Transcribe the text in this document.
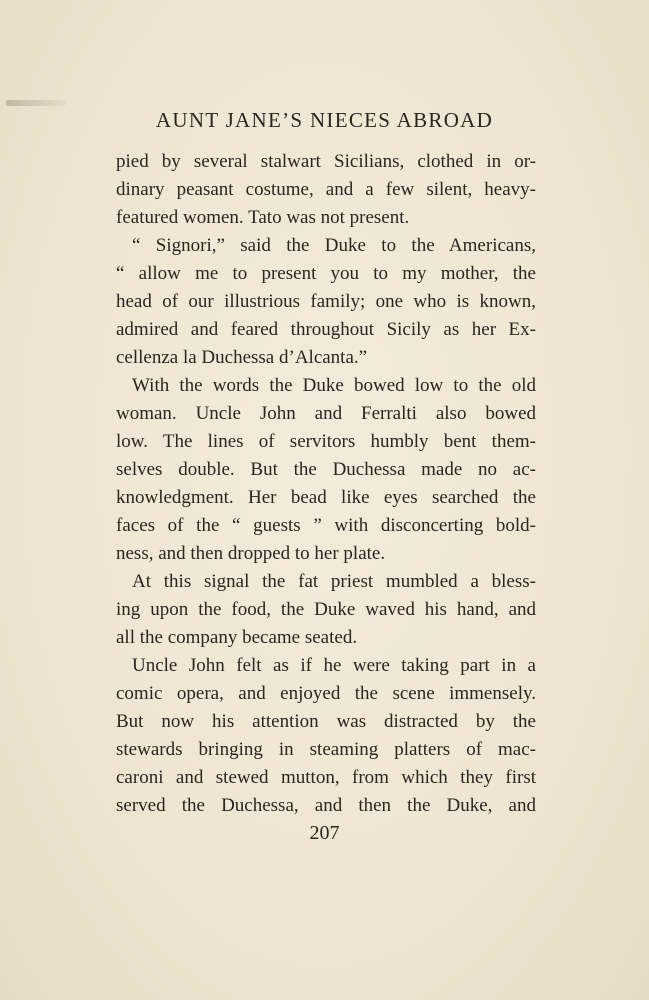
AUNT JANE’S NIECES ABROAD
pied by several stalwart Sicilians, clothed in or-
dinary peasant costume, and a few silent, heavy-
featured women. Tato was not present.
“ Signori,” said the Duke to the Americans,
“ allow me to present you to my mother, the
head of our illustrious family; one who is known,
admired and feared throughout Sicily as her Ex-
cellenza la Duchessa d’Alcanta.”
With the words the Duke bowed low to the old
woman. Uncle John and Ferralti also bowed
low. The lines of servitors humbly bent them-
selves double. But the Duchessa made no ac-
knowledgment. Her bead like eyes searched the
faces of the “ guests ” with disconcerting bold-
ness, and then dropped to her plate.
At this signal the fat priest mumbled a bless-
ing upon the food, the Duke waved his hand, and
all the company became seated.
Uncle John felt as if he were taking part in a
comic opera, and enjoyed the scene immensely.
But now his attention was distracted by the
stewards bringing in steaming platters of mac-
caroni and stewed mutton, from which they first
served the Duchessa, and then the Duke, and
207
